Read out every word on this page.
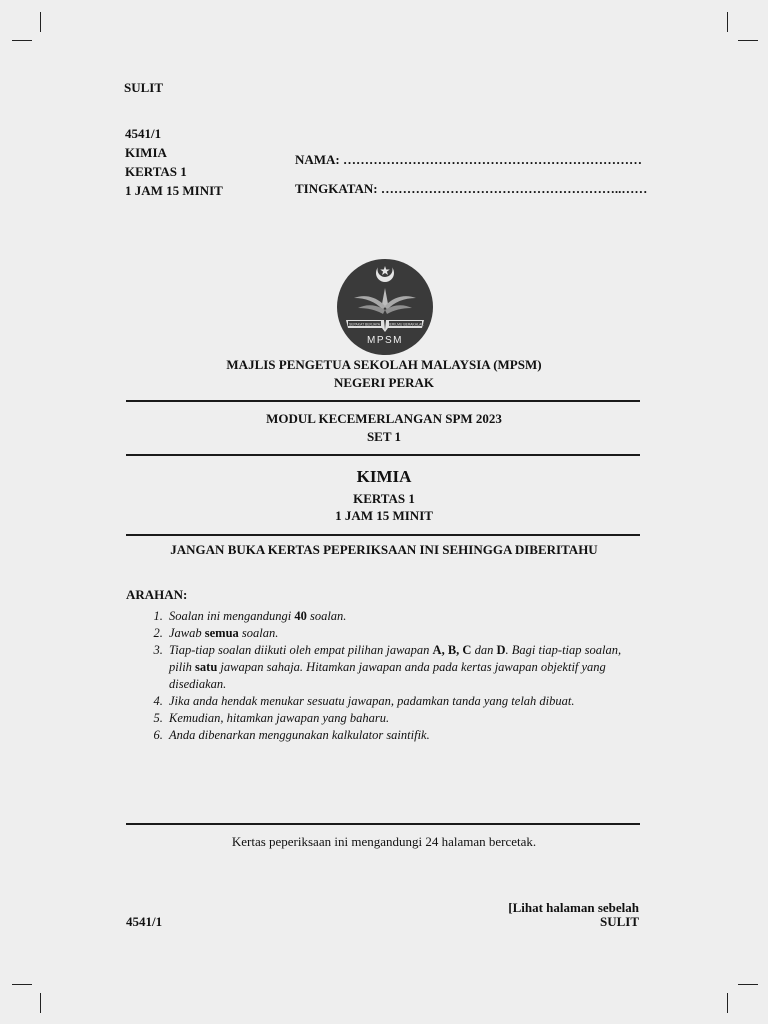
SULIT
4541/1
KIMIA
KERTAS 1
1 JAM 15 MINIT
NAMA: ……………………………………………………………
TINGKATAN: ………………………………………………..……
SEPAKAT BERJAYA BERILMU BERAKHLAK
MPSM
MAJLIS PENGETUA SEKOLAH MALAYSIA (MPSM)
NEGERI PERAK
MODUL KECEMERLANGAN SPM 2023
SET 1
KIMIA
KERTAS 1
1 JAM 15 MINIT
JANGAN BUKA KERTAS PEPERIKSAAN INI SEHINGGA DIBERITAHU
ARAHAN:
1. Soalan ini mengandungi 40 soalan.
2. Jawab semua soalan.
3. Tiap-tiap soalan diikuti oleh empat pilihan jawapan A, B, C dan D. Bagi tiap-tiap soalan, pilih satu jawapan sahaja. Hitamkan jawapan anda pada kertas jawapan objektif yang disediakan.
4. Jika anda hendak menukar sesuatu jawapan, padamkan tanda yang telah dibuat.
5. Kemudian, hitamkan jawapan yang baharu.
6. Anda dibenarkan menggunakan kalkulator saintifik.
Kertas peperiksaan ini mengandungi 24 halaman bercetak.
[Lihat halaman sebelah
SULIT
4541/1
